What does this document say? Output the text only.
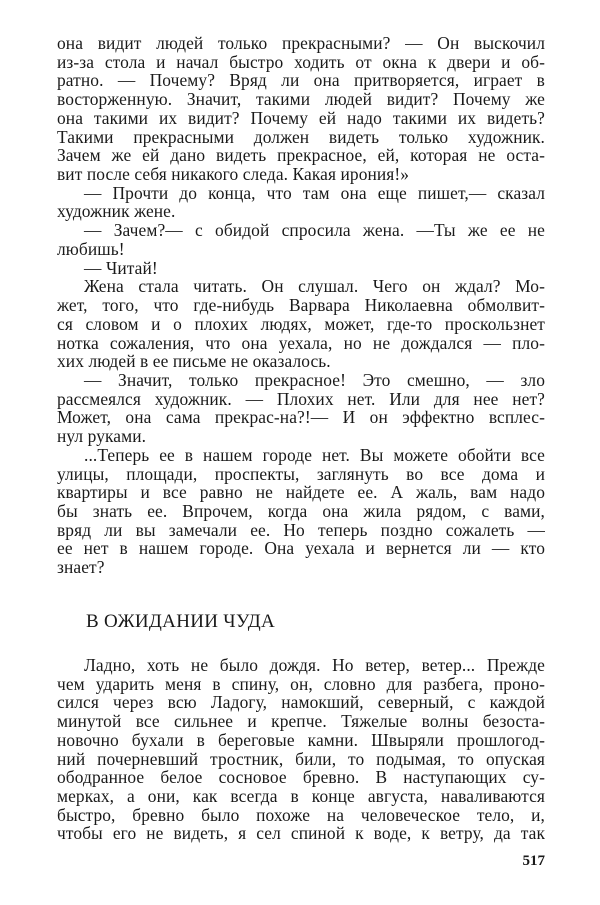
она видит людей только прекрасными? — Он выскочил
из-за стола и начал быстро ходить от окна к двери и об-
ратно. — Почему? Вряд ли она притворяется, играет в
восторженную. Значит, такими людей видит? Почему же
она такими их видит? Почему ей надо такими их видеть?
Такими прекрасными должен видеть только художник.
Зачем же ей дано видеть прекрасное, ей, которая не оста-
вит после себя никакого следа. Какая ирония!»
— Прочти до конца, что там она еще пишет,— сказал
художник жене.
— Зачем?— с обидой спросила жена. —Ты же ее не
любишь!
— Читай!
Жена стала читать. Он слушал. Чего он ждал? Мо-
жет, того, что где-нибудь Варвара Николаевна обмолвит-
ся словом и о плохих людях, может, где-то проскользнет
нотка сожаления, что она уехала, но не дождался — пло-
хих людей в ее письме не оказалось.
— Значит, только прекрасное! Это смешно, — зло
рассмеялся художник. — Плохих нет. Или для нее нет?
Может, она сама прекрас-на?!— И он эффектно всплес-
нул руками.
...Теперь ее в нашем городе нет. Вы можете обойти все
улицы, площади, проспекты, заглянуть во все дома и
квартиры и все равно не найдете ее. А жаль, вам надо
бы знать ее. Впрочем, когда она жила рядом, с вами,
вряд ли вы замечали ее. Но теперь поздно сожалеть —
ее нет в нашем городе. Она уехала и вернется ли — кто
знает?
В ОЖИДАНИИ ЧУДА
Ладно, хоть не было дождя. Но ветер, ветер... Прежде
чем ударить меня в спину, он, словно для разбега, проно-
сился через всю Ладогу, намокший, северный, с каждой
минутой все сильнее и крепче. Тяжелые волны безоста-
новочно бухали в береговые камни. Швыряли прошлогод-
ний почерневший тростник, били, то подымая, то опуская
ободранное белое сосновое бревно. В наступающих су-
мерках, а они, как всегда в конце августа, наваливаются
быстро, бревно было похоже на человеческое тело, и,
чтобы его не видеть, я сел спиной к воде, к ветру, да так
517
